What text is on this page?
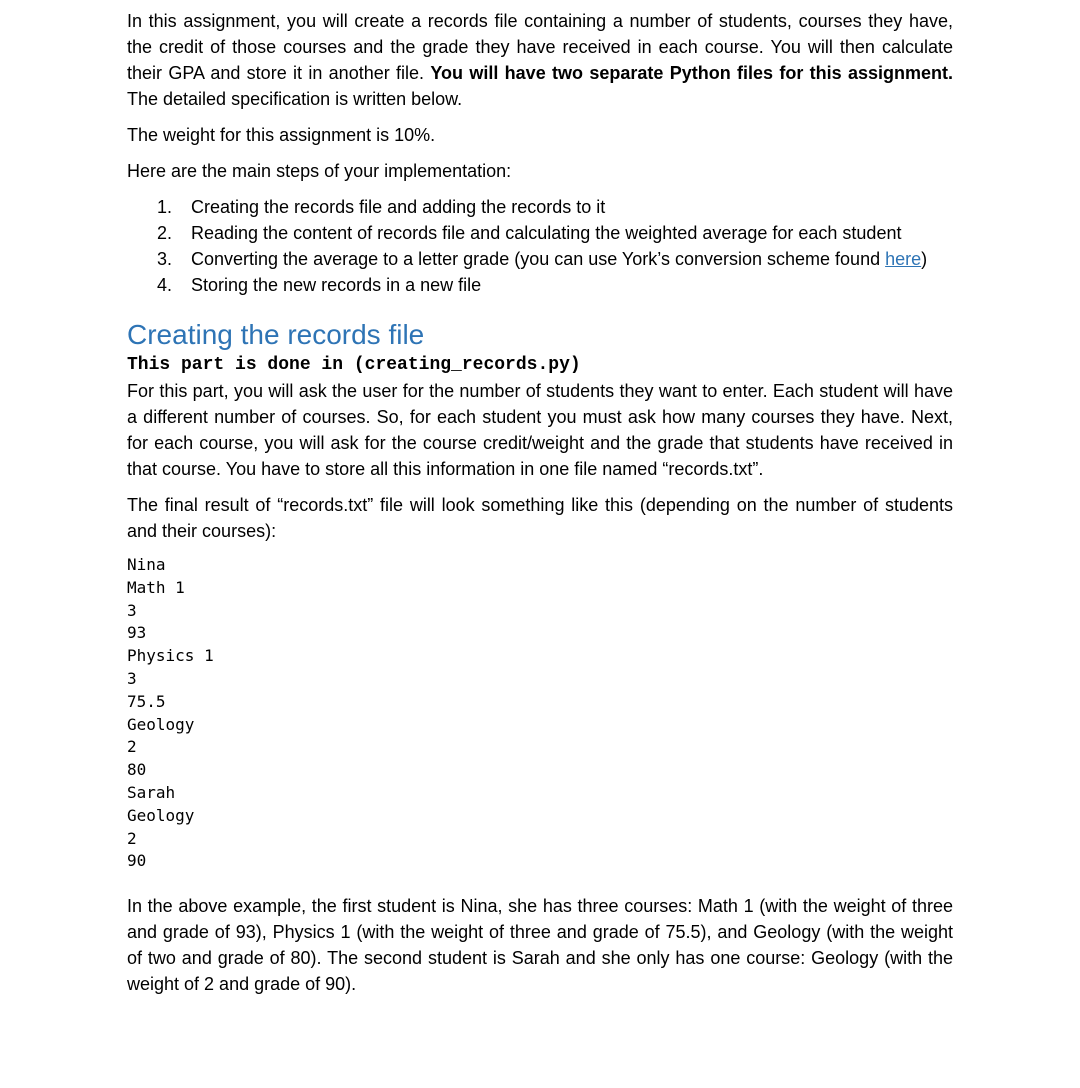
In this assignment, you will create a records file containing a number of students, courses they have, the credit of those courses and the grade they have received in each course. You will then calculate their GPA and store it in another file. You will have two separate Python files for this assignment. The detailed specification is written below.

The weight for this assignment is 10%.

Here are the main steps of your implementation:

1. Creating the records file and adding the records to it
2. Reading the content of records file and calculating the weighted average for each student
3. Converting the average to a letter grade (you can use York’s conversion scheme found here)
4. Storing the new records in a new file
Creating the records file

This part is done in (creating_records.py)

For this part, you will ask the user for the number of students they want to enter. Each student will have a different number of courses. So, for each student you must ask how many courses they have. Next, for each course, you will ask for the course credit/weight and the grade that students have received in that course. You have to store all this information in one file named “records.txt”.

The final result of “records.txt” file will look something like this (depending on the number of students and their courses):

Nina
Math 1
3
93
Physics 1
3
75.5
Geology
2
80
Sarah
Geology
2
90

In the above example, the first student is Nina, she has three courses: Math 1 (with the weight of three and grade of 93), Physics 1 (with the weight of three and grade of 75.5), and Geology (with the weight of two and grade of 80). The second student is Sarah and she only has one course: Geology (with the weight of 2 and grade of 90).
